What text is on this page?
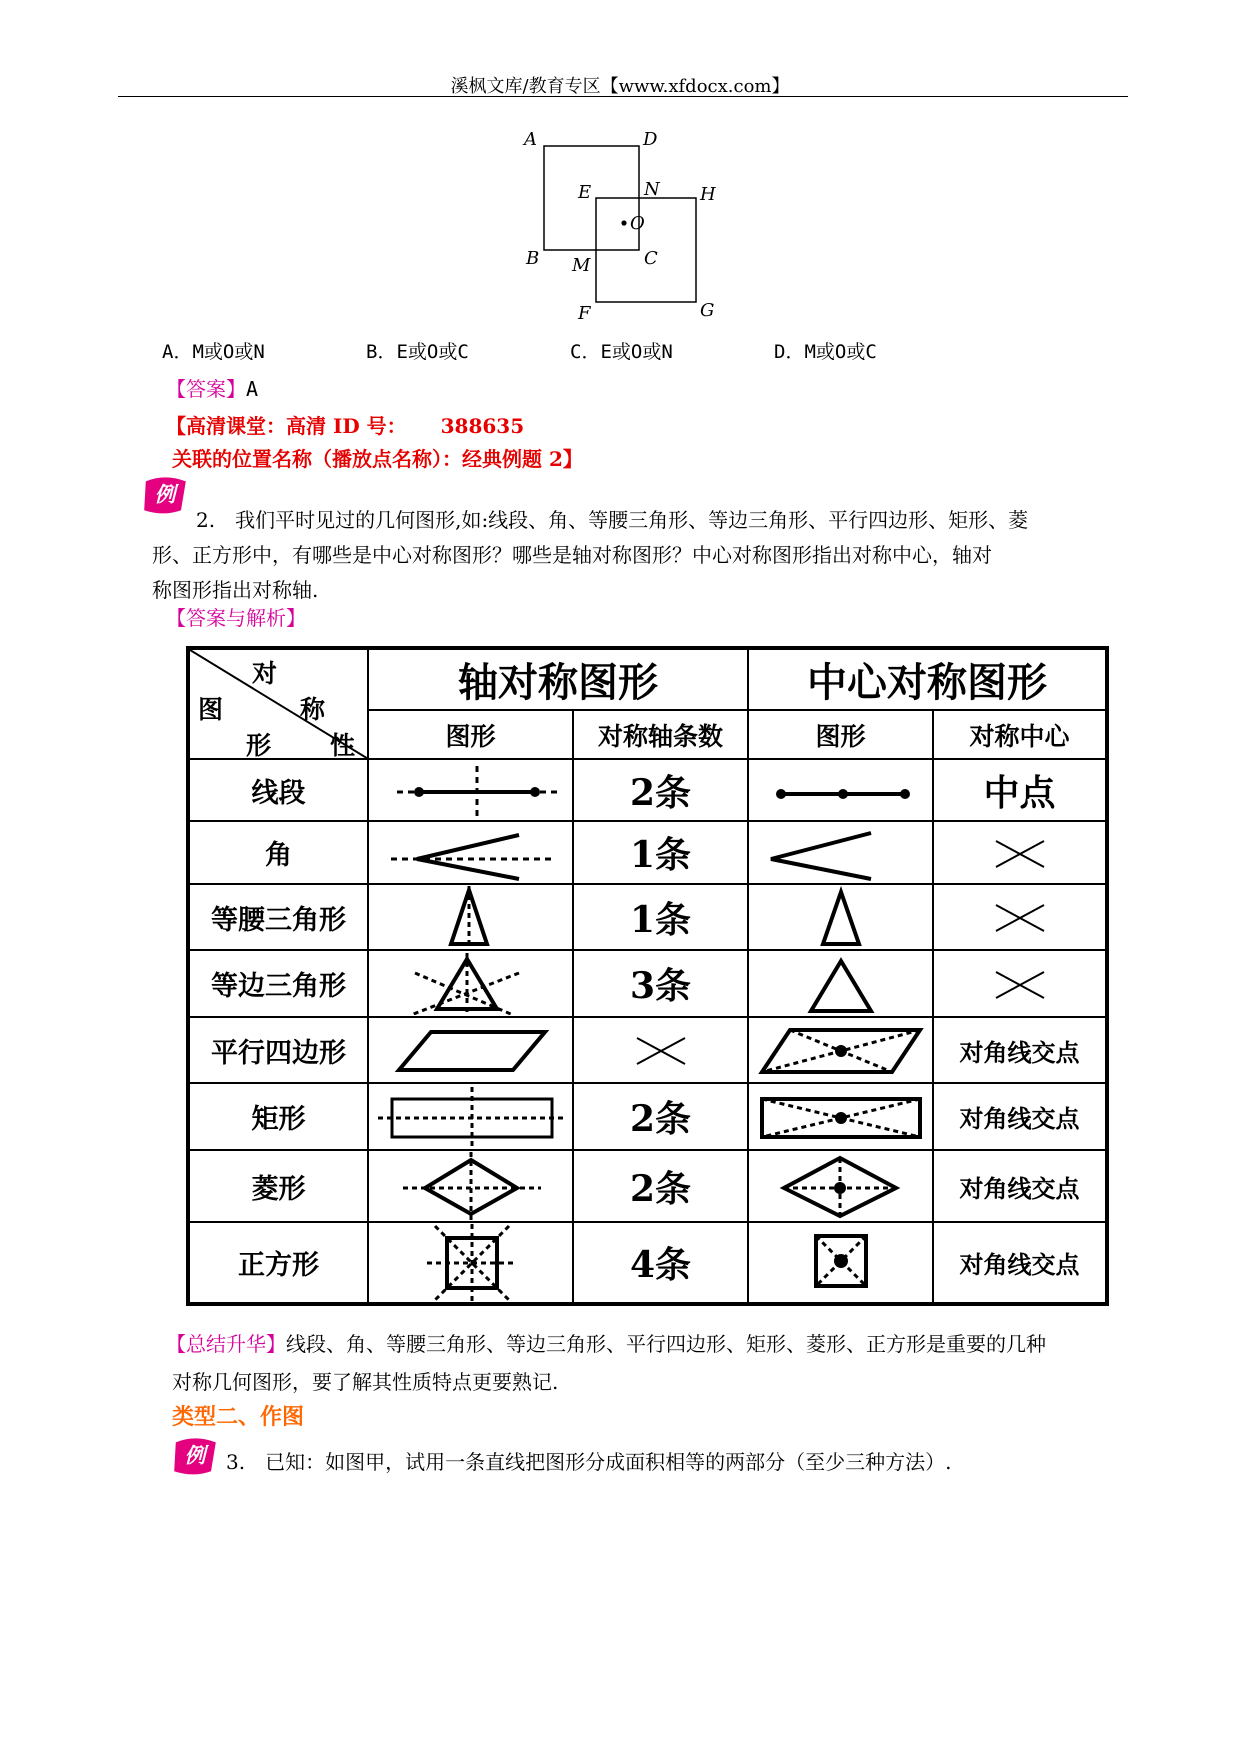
溪枫文库/教育专区【www.xfdocx.com】
A	D
E	N H
O
B	C
M
F	G
A．M或O或N	B．E或O或C	C．E或O或N	D．M或O或C
【答案】A
【高清课堂：高清 ID 号： 388635
关联的位置名称（播放点名称）：经典例题 2】
例
2.　我们平时见过的几何图形,如:线段、角、等腰三角形、等边三角形、平行四边形、矩形、菱
形、正方形中，有哪些是中心对称图形？哪些是轴对称图形？中心对称图形指出对称中心，轴对
称图形指出对称轴.
【答案与解析】
对
称
性
图
形	轴对称图形		中心对称图形	
	图形	对称轴条数	图形	对称中心
线段		2条		中点
角		1条	

等腰三角形		1条	

等边三角形		3条	

平行四边形				对角线交点
矩形		2条		对角线交点
菱形		2条		对角线交点
正方形		4条		对角线交点
【总结升华】线段、角、等腰三角形、等边三角形、平行四边形、矩形、菱形、正方形是重要的几种
对称几何图形，要了解其性质特点更要熟记.
类型二、作图
例 3.　已知：如图甲，试用一条直线把图形分成面积相等的两部分（至少三种方法）.
